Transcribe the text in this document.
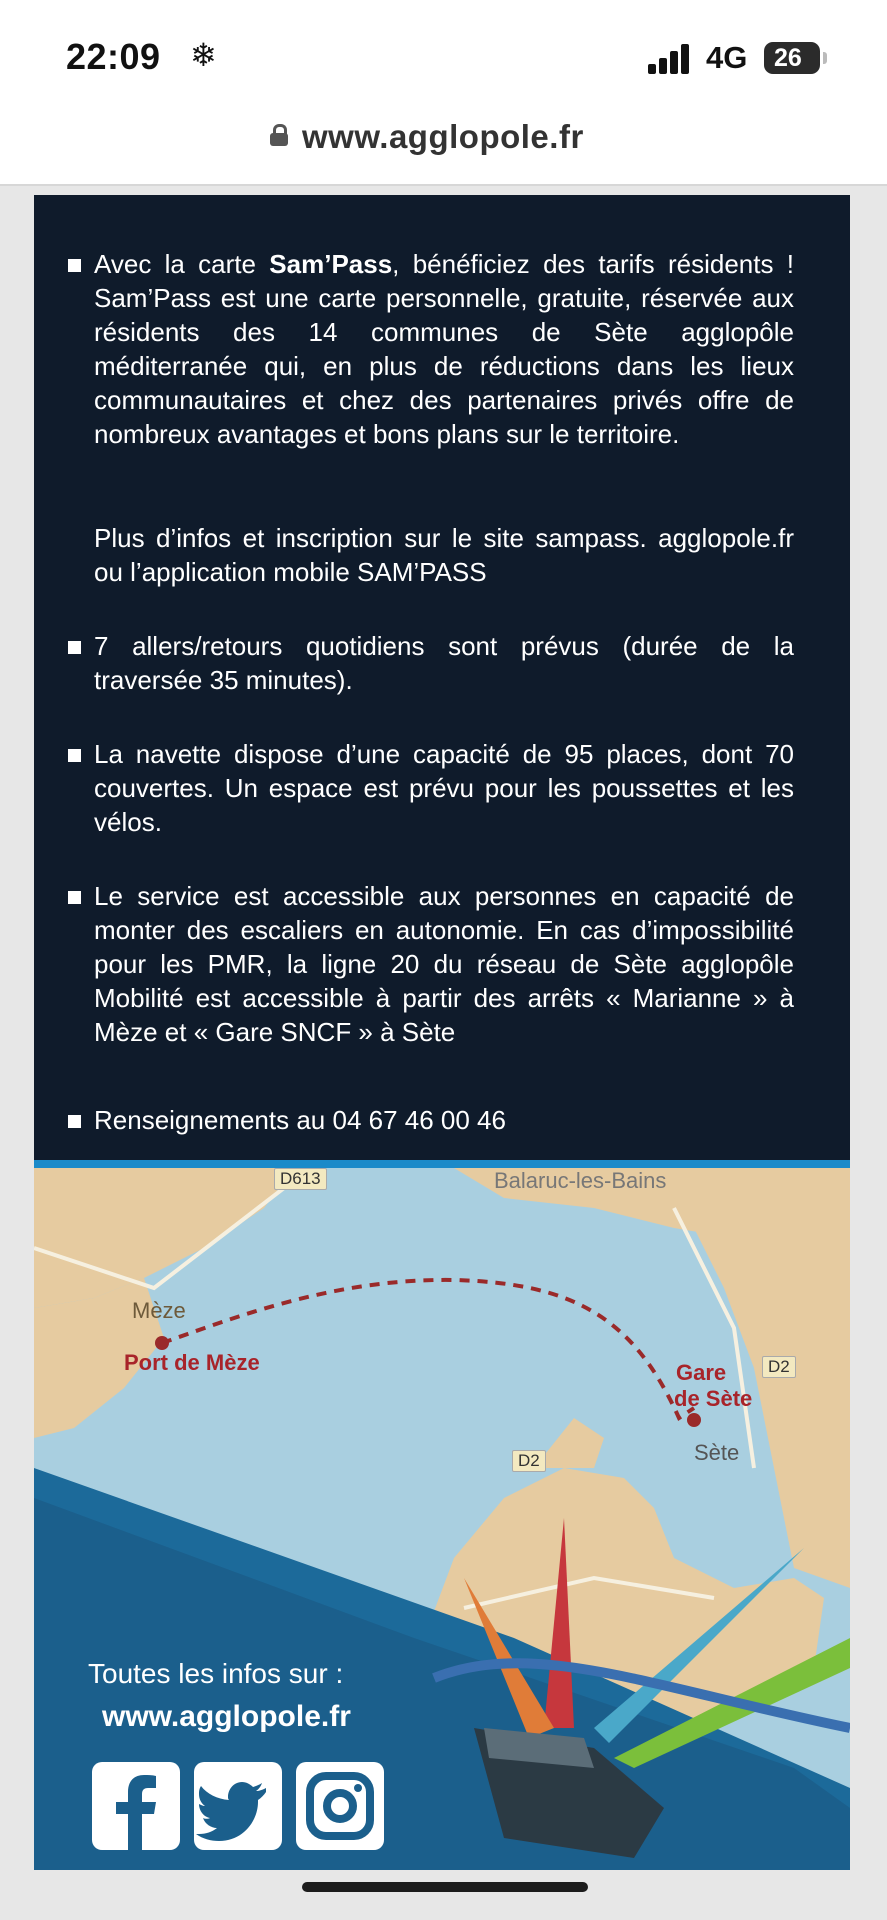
22:09 ❄	4G 26
www.agglopole.fr
Avec la carte Sam’Pass, bénéficiez des tarifs résidents ! Sam’Pass est une carte personnelle, gratuite, réservée aux résidents des 14 communes de Sète agglopôle méditerranée qui, en plus de réductions dans les lieux communautaires et chez des partenaires privés offre de nombreux avantages et bons plans sur le territoire.
Plus d’infos et inscription sur le site sampass. agglopole.fr ou l’application mobile SAM’PASS
7 allers/retours quotidiens sont prévus (durée de la traversée 35 minutes).
La navette dispose d’une capacité de 95 places, dont 70 couvertes. Un espace est prévu pour les poussettes et les vélos.
Le service est accessible aux personnes en capacité de monter des escaliers en autonomie. En cas d’impossibilité pour les PMR, la ligne 20 du réseau de Sète agglopôle Mobilité est accessible à partir des arrêts « Marianne » à Mèze et « Gare SNCF » à Sète
Renseignements au 04 67 46 00 46
Mèze
Port de Mèze	Gare
de Sète
Sète
Balaruc-les-Bains
D613
D2
D2
Toutes les infos sur :
www.agglopole.fr
